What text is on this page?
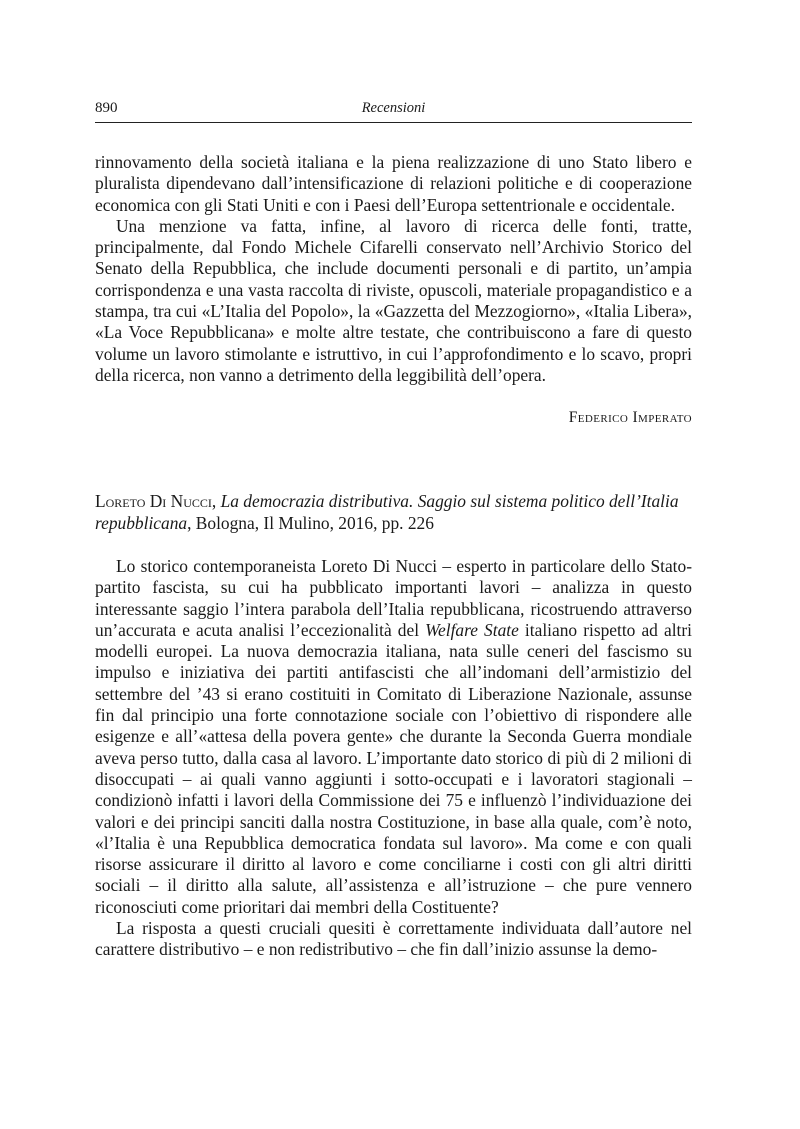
890	Recensioni

rinnovamento della società italiana e la piena realizzazione di uno Stato libero e pluralista dipendevano dall’intensificazione di relazioni politiche e di cooperazione economica con gli Stati Uniti e con i Paesi dell’Europa settentrionale e occidentale.

Una menzione va fatta, infine, al lavoro di ricerca delle fonti, tratte, principalmente, dal Fondo Michele Cifarelli conservato nell’Archivio Storico del Senato della Repubblica, che include documenti personali e di partito, un’ampia corrispondenza e una vasta raccolta di riviste, opuscoli, materiale propagandistico e a stampa, tra cui «L’Italia del Popolo», la «Gazzetta del Mezzogiorno», «Italia Libera», «La Voce Repubblicana» e molte altre testate, che contribuiscono a fare di questo volume un lavoro stimolante e istruttivo, in cui l’approfondimento e lo scavo, propri della ricerca, non vanno a detrimento della leggibilità dell’opera.

Federico Imperato
Loreto Di Nucci, La democrazia distributiva. Saggio sul sistema politico dell’Italia repubblicana, Bologna, Il Mulino, 2016, pp. 226

Lo storico contemporaneista Loreto Di Nucci – esperto in particolare dello Stato-partito fascista, su cui ha pubblicato importanti lavori – analizza in questo interessante saggio l’intera parabola dell’Italia repubblicana, ricostruendo attraverso un’accurata e acuta analisi l’eccezionalità del Welfare State italiano rispetto ad altri modelli europei. La nuova democrazia italiana, nata sulle ceneri del fascismo su impulso e iniziativa dei partiti antifascisti che all’indomani dell’armistizio del settembre del ’43 si erano costituiti in Comitato di Liberazione Nazionale, assunse fin dal principio una forte connotazione sociale con l’obiettivo di rispondere alle esigenze e all’«attesa della povera gente» che durante la Seconda Guerra mondiale aveva perso tutto, dalla casa al lavoro. L’importante dato storico di più di 2 milioni di disoccupati – ai quali vanno aggiunti i sotto-occupati e i lavoratori stagionali – condizionò infatti i lavori della Commissione dei 75 e influenzò l’individuazione dei valori e dei principi sanciti dalla nostra Costituzione, in base alla quale, com’è noto, «l’Italia è una Repubblica democratica fondata sul lavoro». Ma come e con quali risorse assicurare il diritto al lavoro e come conciliarne i costi con gli altri diritti sociali – il diritto alla salute, all’assistenza e all’istruzione – che pure vennero riconosciuti come prioritari dai membri della Costituente?

La risposta a questi cruciali quesiti è correttamente individuata dall’autore nel carattere distributivo – e non redistributivo – che fin dall’inizio assunse la demo-
